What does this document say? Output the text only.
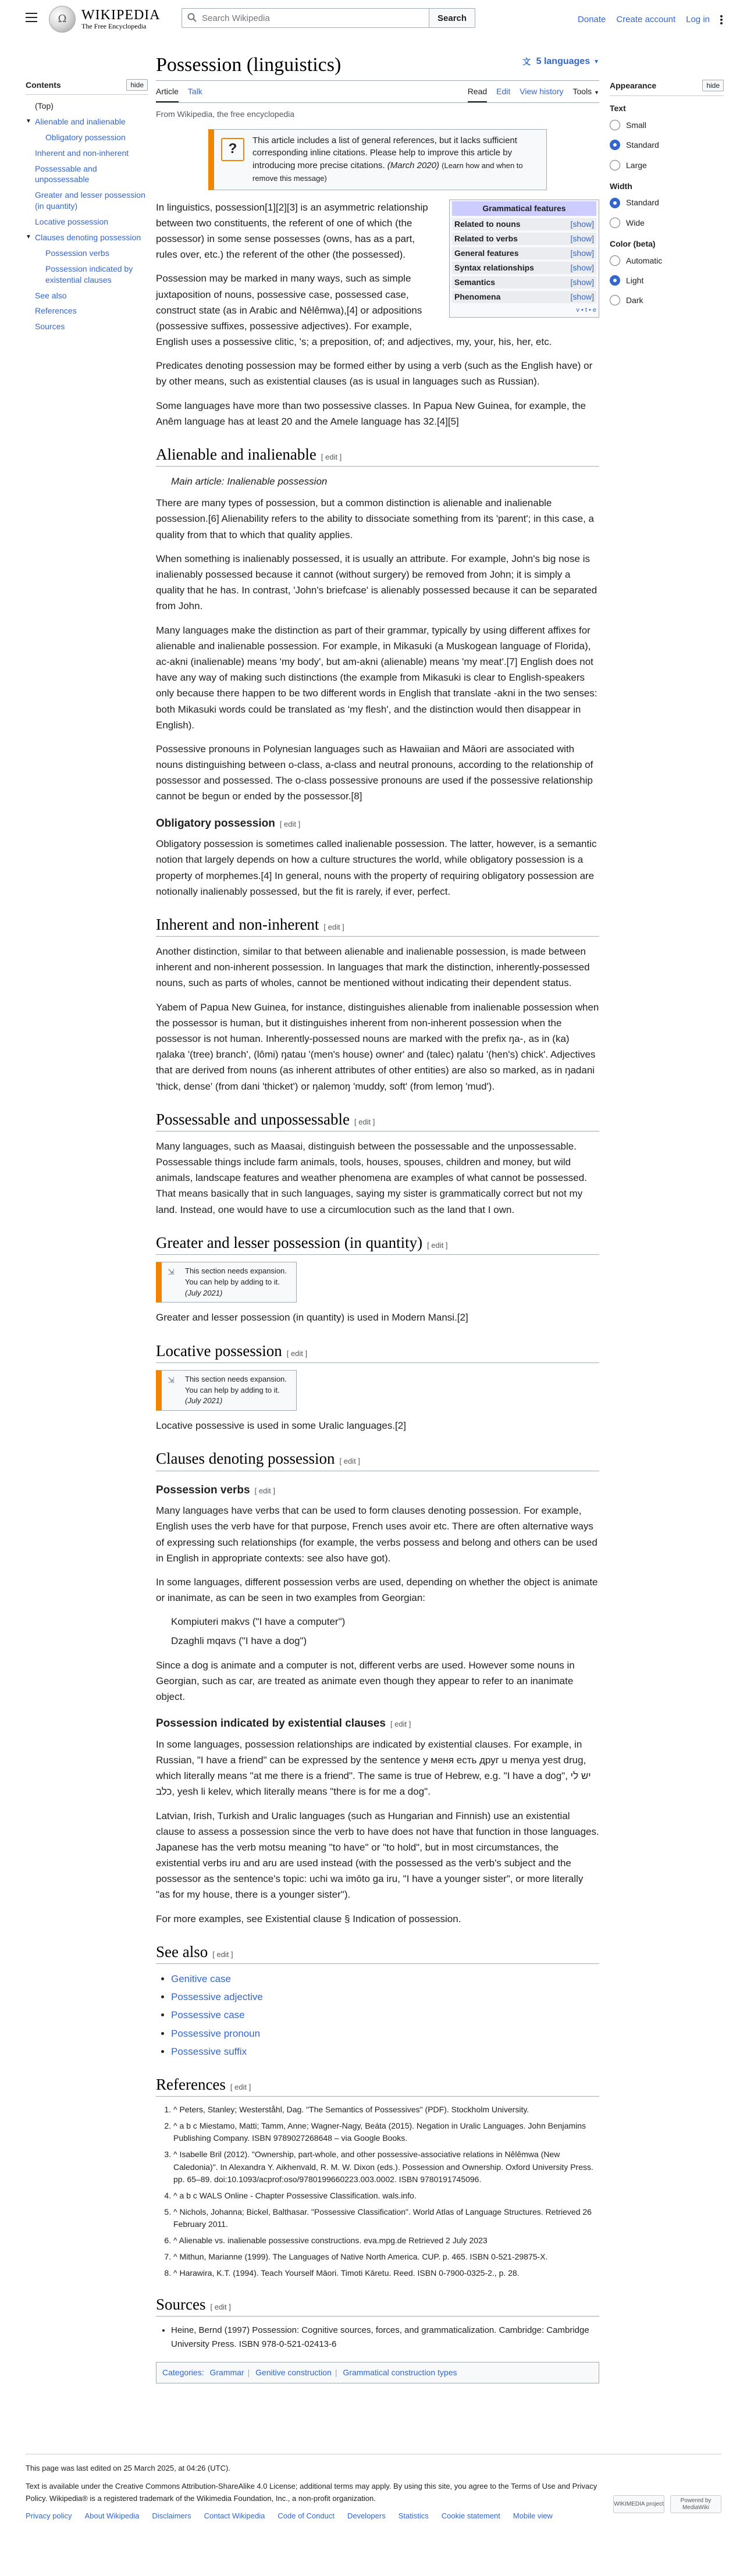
Ω	WIKIPEDIA
The Free Encyclopedia
Search Wikipedia
Search	Donate Create account Log in
Contents	hide
(Top)
▼ Alienable and inalienable
Obligatory possession
Inherent and non-inherent
Possessable and unpossessable
Greater and lesser possession (in quantity)
Locative possession
▼ Clauses denoting possession
Possession verbs
Possession indicated by existential clauses
See also
References
Sources
Possession (linguistics)	文 5 languages ▼
Article Talk	Read Edit View history Tools ▼
From Wikipedia, the free encyclopedia
?
This article includes a list of general references, but it lacks sufficient corresponding inline citations. Please help to improve this article by introducing more precise citations. (March 2020) (Learn how and when to remove this message)
Grammatical features
Related to nouns	[show]
Related to verbs	[show]
General features	[show]
Syntax relationships	[show]
Semantics	[show]
Phenomena	[show]
v • t • e

In linguistics, possession[1][2][3] is an asymmetric relationship between two constituents, the referent of one of which (the possessor) in some sense possesses (owns, has as a part, rules over, etc.) the referent of the other (the possessed).

Possession may be marked in many ways, such as simple juxtaposition of nouns, possessive case, possessed case, construct state (as in Arabic and Nêlêmwa),[4] or adpositions (possessive suffixes, possessive adjectives). For example, English uses a possessive clitic, 's; a preposition, of; and adjectives, my, your, his, her, etc.

Predicates denoting possession may be formed either by using a verb (such as the English have) or by other means, such as existential clauses (as is usual in languages such as Russian).

Some languages have more than two possessive classes. In Papua New Guinea, for example, the Anêm language has at least 20 and the Amele language has 32.[4][5]

Alienable and inalienable [ edit ]
Main article: Inalienable possession

There are many types of possession, but a common distinction is alienable and inalienable possession.[6] Alienability refers to the ability to dissociate something from its 'parent'; in this case, a quality from that to which that quality applies.

When something is inalienably possessed, it is usually an attribute. For example, John's big nose is inalienably possessed because it cannot (without surgery) be removed from John; it is simply a quality that he has. In contrast, 'John's briefcase' is alienably possessed because it can be separated from John.

Many languages make the distinction as part of their grammar, typically by using different affixes for alienable and inalienable possession. For example, in Mikasuki (a Muskogean language of Florida), ac-akni (inalienable) means 'my body', but am-akni (alienable) means 'my meat'.[7] English does not have any way of making such distinctions (the example from Mikasuki is clear to English-speakers only because there happen to be two different words in English that translate -akni in the two senses: both Mikasuki words could be translated as 'my flesh', and the distinction would then disappear in English).

Possessive pronouns in Polynesian languages such as Hawaiian and Māori are associated with nouns distinguishing between o-class, a-class and neutral pronouns, according to the relationship of possessor and possessed. The o-class possessive pronouns are used if the possessive relationship cannot be begun or ended by the possessor.[8]

Obligatory possession [ edit ]

Obligatory possession is sometimes called inalienable possession. The latter, however, is a semantic notion that largely depends on how a culture structures the world, while obligatory possession is a property of morphemes.[4] In general, nouns with the property of requiring obligatory possession are notionally inalienably possessed, but the fit is rarely, if ever, perfect.

Inherent and non-inherent [ edit ]

Another distinction, similar to that between alienable and inalienable possession, is made between inherent and non-inherent possession. In languages that mark the distinction, inherently-possessed nouns, such as parts of wholes, cannot be mentioned without indicating their dependent status.

Yabem of Papua New Guinea, for instance, distinguishes alienable from inalienable possession when the possessor is human, but it distinguishes inherent from non-inherent possession when the possessor is not human. Inherently-possessed nouns are marked with the prefix ŋa-, as in (ka) ŋalaka '(tree) branch', (lômi) ŋatau '(men's house) owner' and (talec) ŋalatu '(hen's) chick'. Adjectives that are derived from nouns (as inherent attributes of other entities) are also so marked, as in ŋadani 'thick, dense' (from dani 'thicket') or ŋalemoŋ 'muddy, soft' (from lemoŋ 'mud').

Possessable and unpossessable [ edit ]

Many languages, such as Maasai, distinguish between the possessable and the unpossessable. Possessable things include farm animals, tools, houses, spouses, children and money, but wild animals, landscape features and weather phenomena are examples of what cannot be possessed. That means basically that in such languages, saying my sister is grammatically correct but not my land. Instead, one would have to use a circumlocution such as the land that I own.

Greater and lesser possession (in quantity) [ edit ]
⇲	This section needs expansion. You can help by adding to it. (July 2021)

Greater and lesser possession (in quantity) is used in Modern Mansi.[2]

Locative possession [ edit ]
⇲	This section needs expansion. You can help by adding to it. (July 2021)

Locative possessive is used in some Uralic languages.[2]

Clauses denoting possession [ edit ]
Possession verbs [ edit ]

Many languages have verbs that can be used to form clauses denoting possession. For example, English uses the verb have for that purpose, French uses avoir etc. There are often alternative ways of expressing such relationships (for example, the verbs possess and belong and others can be used in English in appropriate contexts: see also have got).

In some languages, different possession verbs are used, depending on whether the object is animate or inanimate, as can be seen in two examples from Georgian:

Kompiuteri makvs ("I have a computer")
Dzaghli mqavs ("I have a dog")

Since a dog is animate and a computer is not, different verbs are used. However some nouns in Georgian, such as car, are treated as animate even though they appear to refer to an inanimate object.

Possession indicated by existential clauses [ edit ]

In some languages, possession relationships are indicated by existential clauses. For example, in Russian, "I have a friend" can be expressed by the sentence у меня есть друг u menya yest drug, which literally means "at me there is a friend". The same is true of Hebrew, e.g. "I have a dog", יש לי כלב, yesh li kelev, which literally means "there is for me a dog".

Latvian, Irish, Turkish and Uralic languages (such as Hungarian and Finnish) use an existential clause to assess a possession since the verb to have does not have that function in those languages. Japanese has the verb motsu meaning "to have" or "to hold", but in most circumstances, the existential verbs iru and aru are used instead (with the possessed as the verb's subject and the possessor as the sentence's topic: uchi wa imōto ga iru, "I have a younger sister", or more literally "as for my house, there is a younger sister").

For more examples, see Existential clause § Indication of possession.

See also [ edit ]
• Genitive case
• Possessive adjective
• Possessive case
• Possessive pronoun
• Possessive suffix
References [ edit ]
1. ^ Peters, Stanley; Westerståhl, Dag. "The Semantics of Possessives" (PDF). Stockholm University.
2. ^ a b c Miestamo, Matti; Tamm, Anne; Wagner-Nagy, Beáta (2015). Negation in Uralic Languages. John Benjamins Publishing Company. ISBN 9789027268648 – via Google Books.
3. ^ Isabelle Bril (2012). "Ownership, part-whole, and other possessive-associative relations in Nêlêmwa (New Caledonia)". In Alexandra Y. Aikhenvald, R. M. W. Dixon (eds.). Possession and Ownership. Oxford University Press. pp. 65–89. doi:10.1093/acprof:oso/9780199660223.003.0002. ISBN 9780191745096.
4. ^ a b c WALS Online - Chapter Possessive Classification. wals.info.
5. ^ Nichols, Johanna; Bickel, Balthasar. "Possessive Classification". World Atlas of Language Structures. Retrieved 26 February 2011.
6. ^ Alienable vs. inalienable possessive constructions. eva.mpg.de Retrieved 2 July 2023
7. ^ Mithun, Marianne (1999). The Languages of Native North America. CUP. p. 465. ISBN 0-521-29875-X.
8. ^ Harawira, K.T. (1994). Teach Yourself Māori. Timoti Kāretu. Reed. ISBN 0-7900-0325-2., p. 28.
Sources [ edit ]
• Heine, Bernd (1997) Possession: Cognitive sources, forces, and grammaticalization. Cambridge: Cambridge University Press. ISBN 978-0-521-02413-6
Categories: Grammar | Genitive construction | Grammatical construction types
Appearance	hide
Text
Small
Standard
Large
Width
Standard
Wide
Color (beta)
Automatic
Light
Dark

This page was last edited on 25 March 2025, at 04:26 (UTC).

Text is available under the Creative Commons Attribution-ShareAlike 4.0 License; additional terms may apply. By using this site, you agree to the Terms of Use and Privacy Policy. Wikipedia® is a registered trademark of the Wikimedia Foundation, Inc., a non-profit organization.

Privacy policy About Wikipedia Disclaimers Contact Wikipedia Code of Conduct Developers Statistics Cookie statement Mobile view
WIKIMEDIA project
Powered by MediaWiki
